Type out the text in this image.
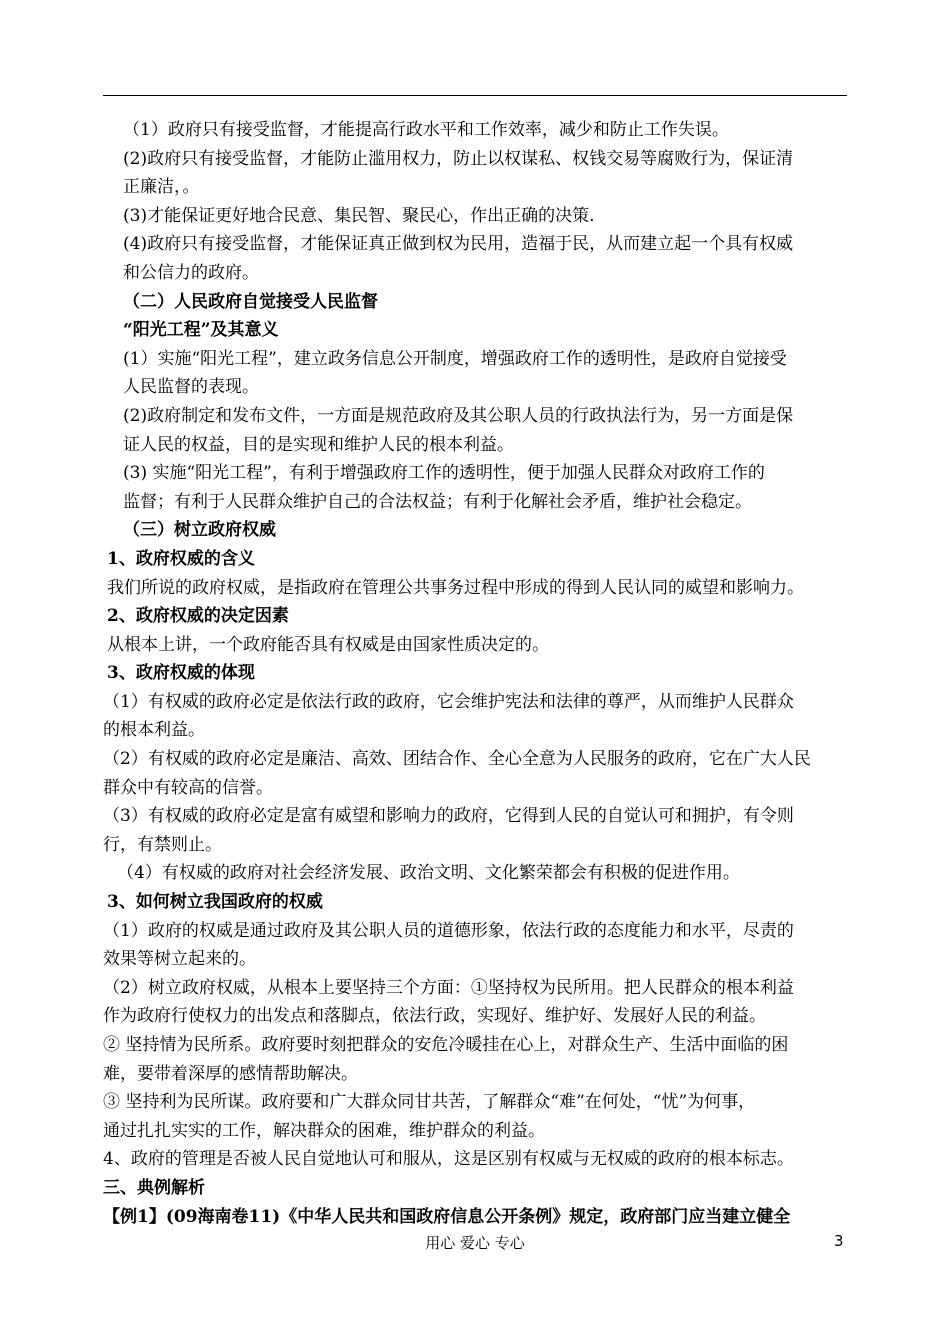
（1）政府只有接受监督，才能提高行政水平和工作效率，减少和防止工作失误。
(2)政府只有接受监督，才能防止滥用权力，防止以权谋私、权钱交易等腐败行为，保证清
正廉洁，。
(3)才能保证更好地合民意、集民智、聚民心，作出正确的决策.
(4)政府只有接受监督，才能保证真正做到权为民用，造福于民，从而建立起一个具有权威
和公信力的政府。
（二）人民政府自觉接受人民监督
“阳光工程”及其意义
(1）实施“阳光工程”，建立政务信息公开制度，增强政府工作的透明性，是政府自觉接受
人民监督的表现。
(2)政府制定和发布文件，一方面是规范政府及其公职人员的行政执法行为，另一方面是保
证人民的权益，目的是实现和维护人民的根本利益。
(3) 实施“阳光工程”，有利于增强政府工作的透明性，便于加强人民群众对政府工作的
监督；有利于人民群众维护自己的合法权益；有利于化解社会矛盾，维护社会稳定。
（三）树立政府权威
1、政府权威的含义
我们所说的政府权威，是指政府在管理公共事务过程中形成的得到人民认同的威望和影响力。
2、政府权威的决定因素
从根本上讲，一个政府能否具有权威是由国家性质决定的。
3、政府权威的体现
（1）有权威的政府必定是依法行政的政府，它会维护宪法和法律的尊严，从而维护人民群众
的根本利益。
（2）有权威的政府必定是廉洁、高效、团结合作、全心全意为人民服务的政府，它在广大人民
群众中有较高的信誉。
（3）有权威的政府必定是富有威望和影响力的政府，它得到人民的自觉认可和拥护，有令则
行，有禁则止。
（4）有权威的政府对社会经济发展、政治文明、文化繁荣都会有积极的促进作用。
3、如何树立我国政府的权威
（1）政府的权威是通过政府及其公职人员的道德形象，依法行政的态度能力和水平，尽责的
效果等树立起来的。
（2）树立政府权威，从根本上要坚持三个方面：①坚持权为民所用。把人民群众的根本利益
作为政府行使权力的出发点和落脚点，依法行政，实现好、维护好、发展好人民的利益。
② 坚持情为民所系。政府要时刻把群众的安危冷暖挂在心上，对群众生产、生活中面临的困
难，要带着深厚的感情帮助解决。
③ 坚持利为民所谋。政府要和广大群众同甘共苦，了解群众“难”在何处，“忧”为何事，
通过扎扎实实的工作，解决群众的困难，维护群众的利益。
4、政府的管理是否被人民自觉地认可和服从，这是区别有权威与无权威的政府的根本标志。
三、典例解析
【例1】(09海南卷11)《中华人民共和国政府信息公开条例》规定，政府部门应当建立健全
用心 爱心 专心	3
